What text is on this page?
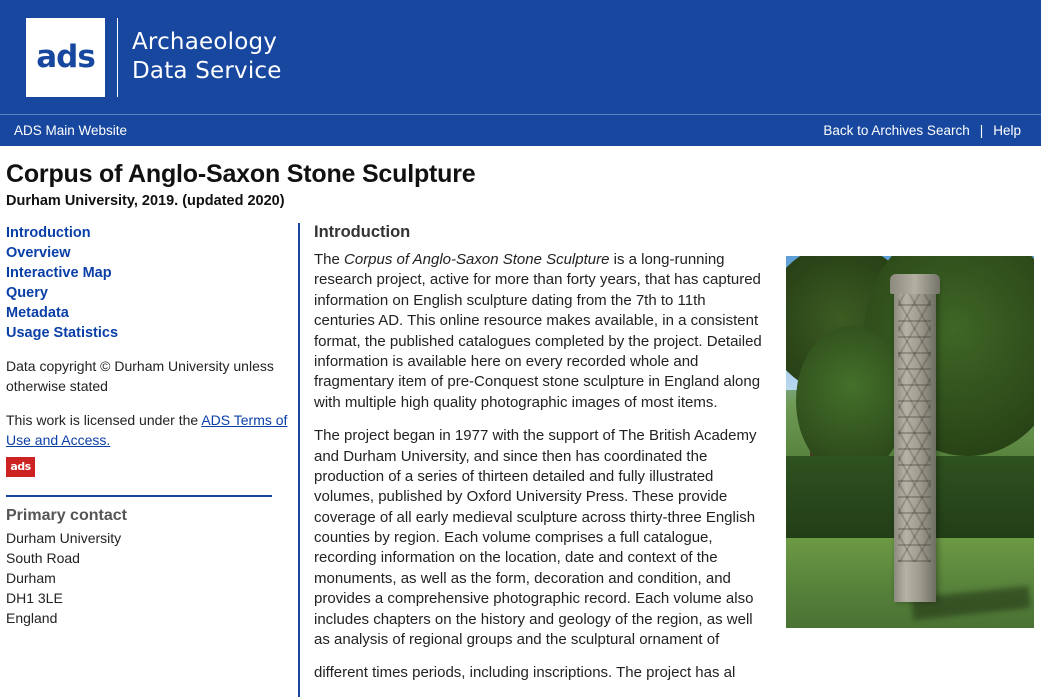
ads Archaeology
Data Service
ADS Main Website	Back to Archives Search | Help
Corpus of Anglo-Saxon Stone Sculpture
Durham University, 2019. (updated 2020)
Introduction
Overview
Interactive Map
Query
Metadata
Usage Statistics

Data copyright © Durham University unless otherwise stated

This work is licensed under the ADS Terms of Use and Access.

ads
Primary contact
Durham University
South Road
Durham
DH1 3LE
England
Introduction

The Corpus of Anglo-Saxon Stone Sculpture is a long-running research project, active for more than forty years, that has captured information on English sculpture dating from the 7th to 11th centuries AD. This online resource makes available, in a consistent format, the published catalogues completed by the project. Detailed information is available here on every recorded whole and fragmentary item of pre-Conquest stone sculpture in England along with multiple high quality photographic images of most items.

The project began in 1977 with the support of The British Academy and Durham University, and since then has coordinated the production of a series of thirteen detailed and fully illustrated volumes, published by Oxford University Press. These provide coverage of all early medieval sculpture across thirty-three English counties by region. Each volume comprises a full catalogue, recording information on the location, date and context of the monuments, as well as the form, decoration and condition, and provides a comprehensive photographic record. Each volume also includes chapters on the history and geology of the region, as well as analysis of regional groups and the sculptural ornament of

different times periods, including inscriptions. The project has al
